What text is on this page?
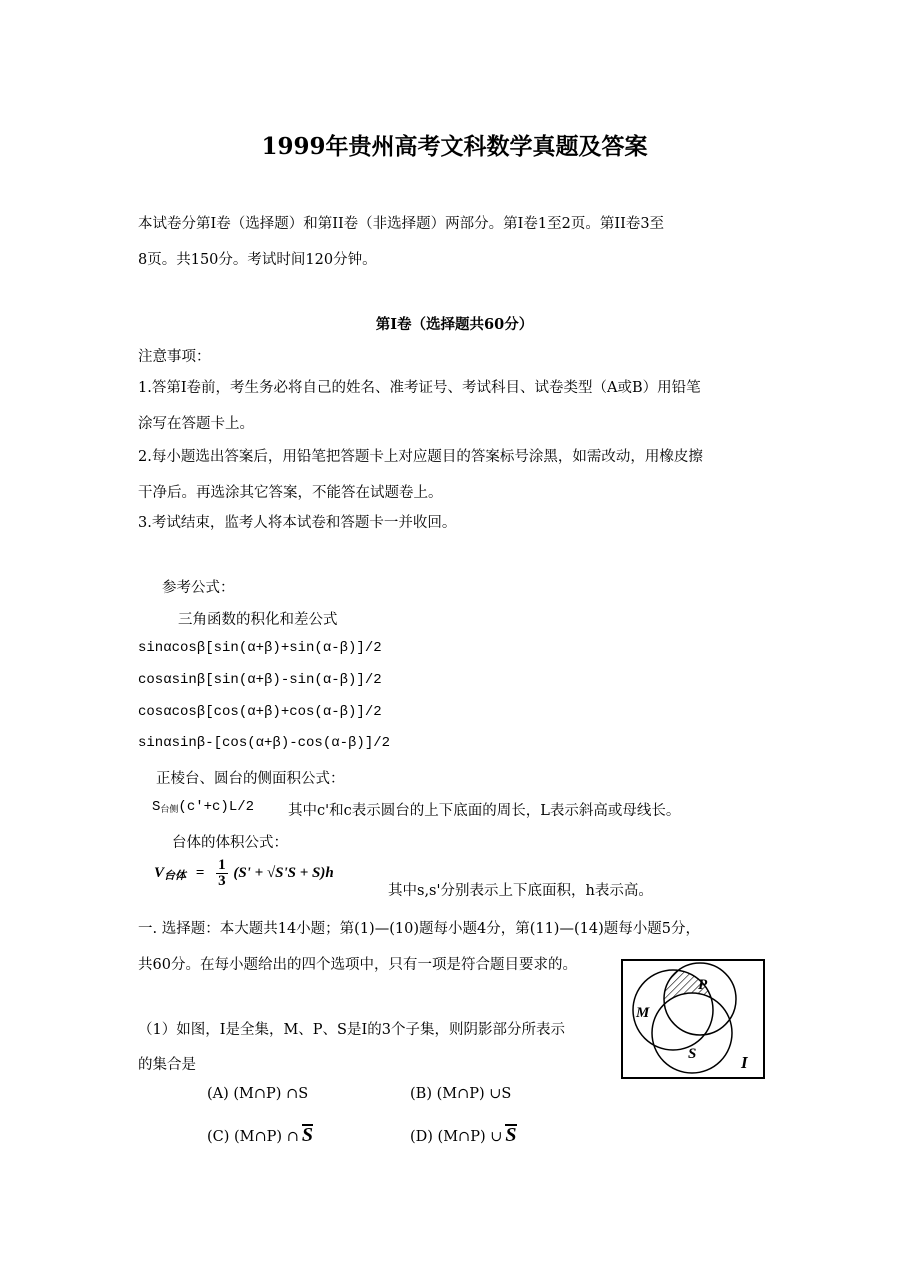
1999年贵州高考文科数学真题及答案
本试卷分第I卷（选择题）和第II卷（非选择题）两部分。第I卷1至2页。第II卷3至
8页。共150分。考试时间120分钟。
第I卷（选择题共60分）
注意事项：
1.答第I卷前，考生务必将自己的姓名、准考证号、考试科目、试卷类型（A或B）用铅笔
涂写在答题卡上。
2.每小题选出答案后，用铅笔把答题卡上对应题目的答案标号涂黑，如需改动，用橡皮擦
干净后。再选涂其它答案，不能答在试题卷上。
3.考试结束，监考人将本试卷和答题卡一并收回。
参考公式：
三角函数的积化和差公式
sinαcosβ[sin(α+β)+sin(α-β)]/2
cosαsinβ[sin(α+β)-sin(α-β)]/2
cosαcosβ[cos(α+β)+cos(α-β)]/2
sinαsinβ-[cos(α+β)-cos(α-β)]/2
正棱台、圆台的侧面积公式：
$S_{台侧}(c'+c)L/2$ 其中c'和c表示圆台的上下底面的周长，L表示斜高或母线长。
台体的体积公式：
V台体 = $\frac{1}{3} (S' + √S'S + S)h$
其中s,s'分别表示上下底面积，h表示高。
一. 选择题：本大题共14小题；第(1)—(10)题每小题4分，第(11)—(14)题每小题5分，
共60分。在每小题给出的四个选项中，只有一项是符合题目要求的。
（1）如图，I是全集，M、P、S是I的3个子集，则阴影部分所表示
的集合是
(A) (M∩P) ∩S	(B) (M∩P) ∪S
(C) (M∩P) ∩ S	(D) (M∩P) ∪ S
M
P
S	I
